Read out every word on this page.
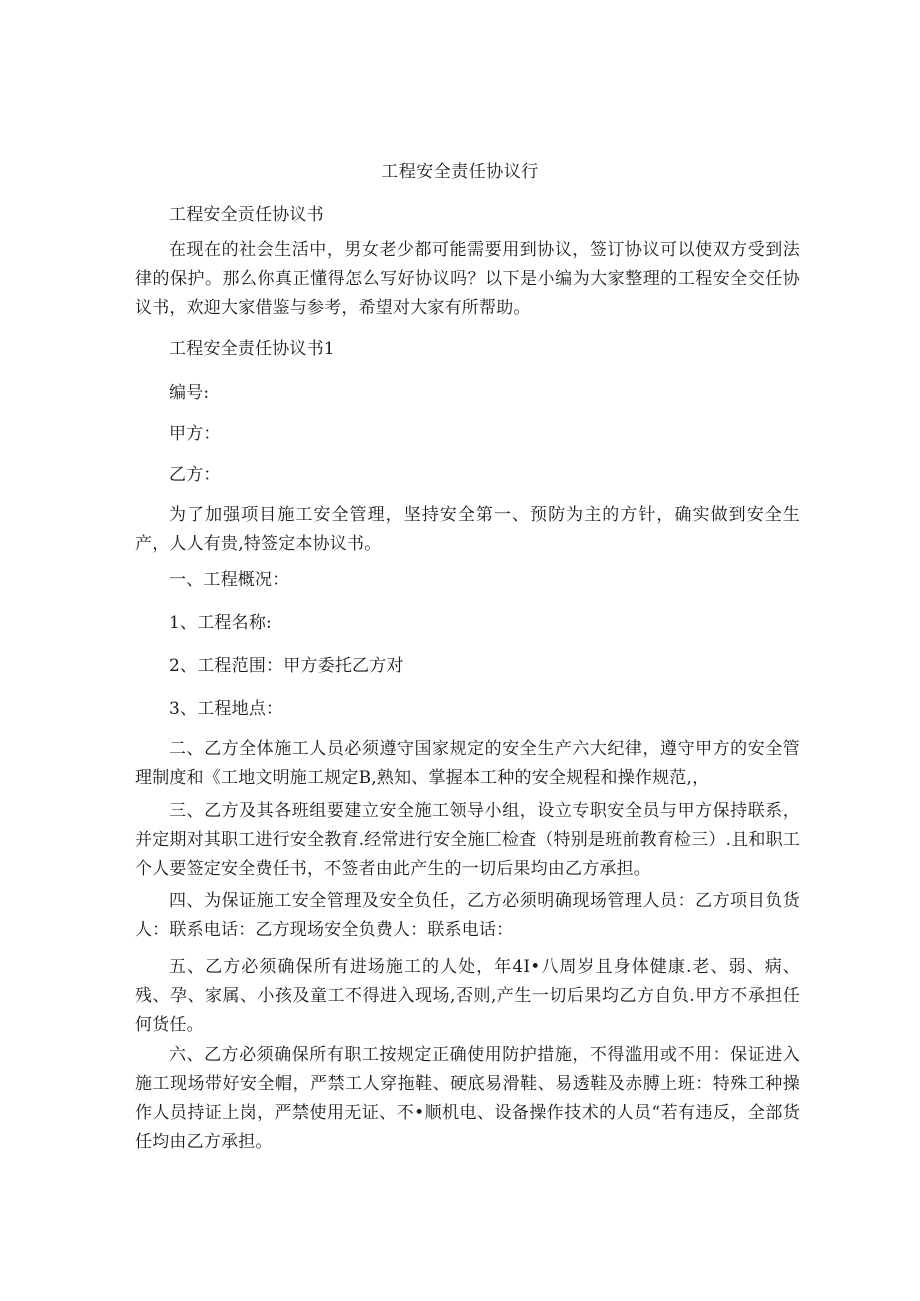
工程安全责任协议行

工程安全贡任协议书

在现在的社会生活中，男女老少都可能需要用到协议，签订协议可以使双方受到法律的保护。那么你真正懂得怎么写好协议吗？以下是小编为大家整理的工程安全交任协议书，欢迎大家借鉴与参考，希望对大家有所帮助。

工程安全责任协议书1

编号:

甲方：

乙方：

为了加强项目施工安全管理，坚持安全第一、预防为主的方针，确实做到安全生产，人人有贵,特签定本协议书。

一、工程概况：

1、工程名称:

2、工程范围：甲方委托乙方对

3、工程地点：

二、乙方全体施工人员必须遵守国家规定的安全生产六大纪律，遵守甲方的安全管理制度和《工地文明施工规定B,熟知、掌握本工种的安全规程和操作规范,，

三、乙方及其各班组要建立安全施工领导小组，设立专职安全员与甲方保持联系，并定期对其职工进行安全教育.经常进行安全施匚检査（特别是班前教育检三）.且和职工个人要签定安全费任书，不签者由此产生的一切后果均由乙方承担。

四、为保证施工安全管理及安全负任，乙方必须明确现场管理人员：乙方项目负货人：联系电话：乙方现场安全负费人：联系电话：

五、乙方必须确保所有进场施工的人处，年4I•八周岁且身体健康.老、弱、病、残、孕、家属、小孩及童工不得进入现场,否则,产生一切后果均乙方自负.甲方不承担任何货任。

六、乙方必须确保所有职工按规定正确使用防护措施，不得滥用或不用：保证进入施工现场带好安全帽，严禁工人穿拖鞋、硬底易滑鞋、易透鞋及赤膊上班：特殊工种操作人员持证上岗，严禁使用无证、不•顺机电、设备操作技术的人员“若有违反，全部货任均由乙方承担。
